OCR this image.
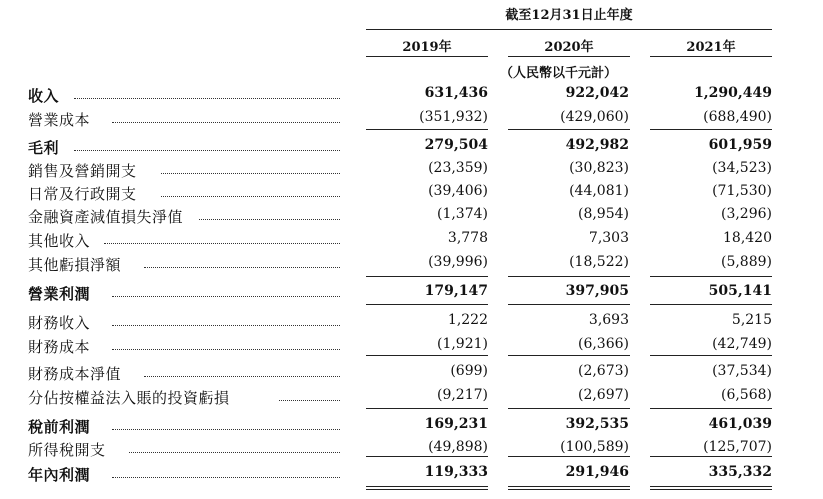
截至12月31日止年度
2019年	2020年	2021年
（人民幣以千元計）
收入	631,436	922,042	1,290,449
營業成本	(351,932)	(429,060)	(688,490)
毛利	279,504	492,982	601,959
銷售及營銷開支	(23,359)	(30,823)	(34,523)
日常及行政開支	(39,406)	(44,081)	(71,530)
金融資產減值損失淨值	(1,374)	(8,954)	(3,296)
其他收入	3,778	7,303	18,420
其他虧損淨額	(39,996)	(18,522)	(5,889)
營業利潤	179,147	397,905	505,141
財務收入	1,222	3,693	5,215
財務成本	(1,921)	(6,366)	(42,749)
財務成本淨值	(699)	(2,673)	(37,534)
分佔按權益法入賬的投資虧損	(9,217)	(2,697)	(6,568)
稅前利潤	169,231	392,535	461,039
所得稅開支	(49,898)	(100,589)	(125,707)
年內利潤	119,333	291,946	335,332
